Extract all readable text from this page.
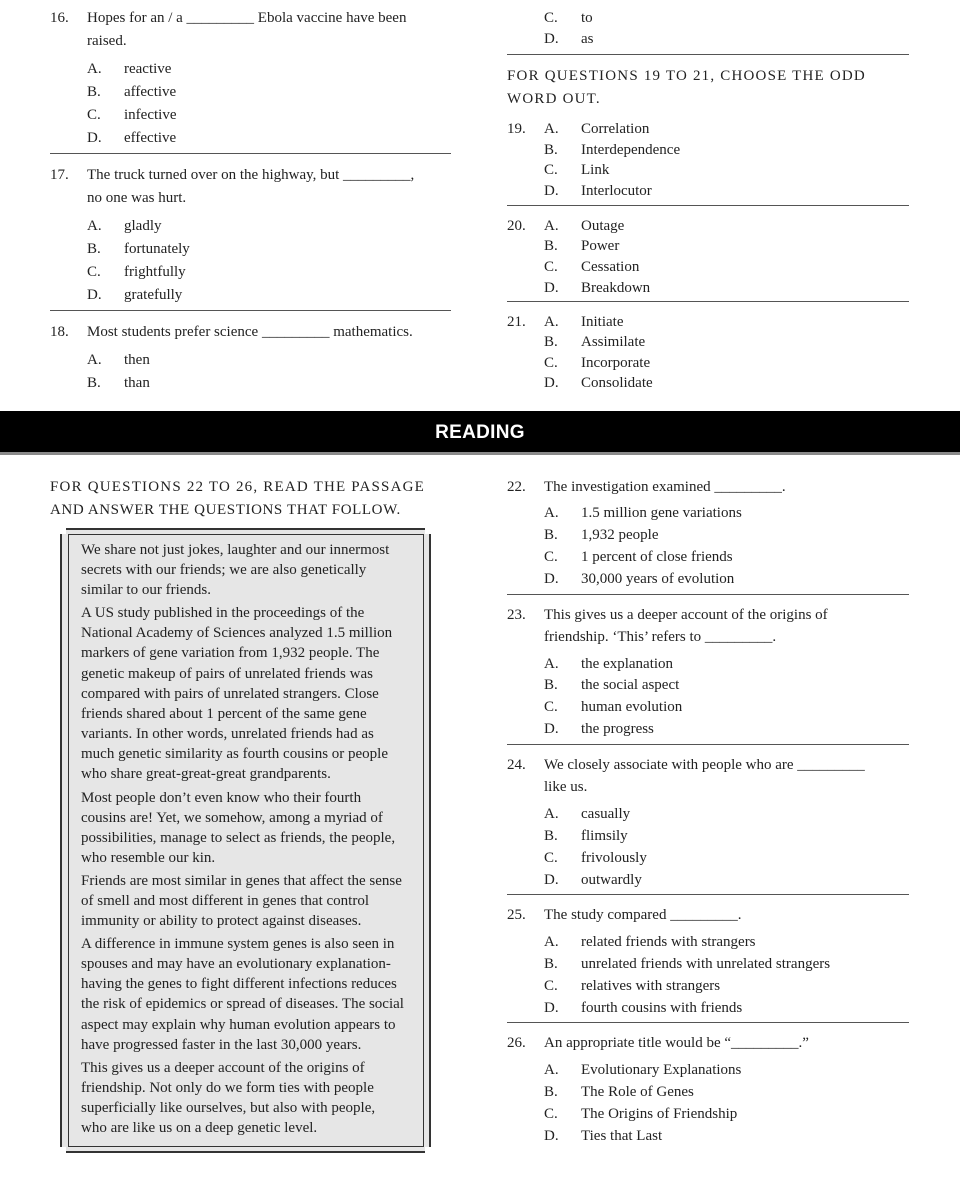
16. Hopes for an / a _________ Ebola vaccine have been
raised.
A. reactive
B. affective
C. infective
D. effective
17. The truck turned over on the highway, but _________,
no one was hurt.
A. gladly
B. fortunately
C. frightfully
D. gratefully
18. Most students prefer science _________ mathematics.
A. then
B. than
C. to
D. as
FOR QUESTIONS 19 TO 21, CHOOSE THE ODD
WORD OUT.
19. A. Correlation
B. Interdependence
C. Link
D. Interlocutor
20. A. Outage
B. Power
C. Cessation
D. Breakdown
21. A. Initiate
B. Assimilate
C. Incorporate
D. Consolidate
READING
FOR QUESTIONS 22 TO 26, READ THE PASSAGE
AND ANSWER THE QUESTIONS THAT FOLLOW.
We share not just jokes, laughter and our innermost
secrets with our friends; we are also genetically
similar to our friends.
A US study published in the proceedings of the
National Academy of Sciences analyzed 1.5 million
markers of gene variation from 1,932 people. The
genetic makeup of pairs of unrelated friends was
compared with pairs of unrelated strangers. Close
friends shared about 1 percent of the same gene
variants. In other words, unrelated friends had as
much genetic similarity as fourth cousins or people
who share great-great-great grandparents.
Most people don’t even know who their fourth
cousins are! Yet, we somehow, among a myriad of
possibilities, manage to select as friends, the people,
who resemble our kin.
Friends are most similar in genes that affect the sense
of smell and most different in genes that control
immunity or ability to protect against diseases.
A difference in immune system genes is also seen in
spouses and may have an evolutionary explanation-
having the genes to fight different infections reduces
the risk of epidemics or spread of diseases. The social
aspect may explain why human evolution appears to
have progressed faster in the last 30,000 years.
This gives us a deeper account of the origins of
friendship. Not only do we form ties with people
superficially like ourselves, but also with people,
who are like us on a deep genetic level.
22. The investigation examined _________.
A. 1.5 million gene variations
B. 1,932 people
C. 1 percent of close friends
D. 30,000 years of evolution
23. This gives us a deeper account of the origins of
friendship. ‘This’ refers to _________.
A. the explanation
B. the social aspect
C. human evolution
D. the progress
24. We closely associate with people who are _________
like us.
A. casually
B. flimsily
C. frivolously
D. outwardly
25. The study compared _________.
A. related friends with strangers
B. unrelated friends with unrelated strangers
C. relatives with strangers
D. fourth cousins with friends
26. An appropriate title would be “_________.”
A. Evolutionary Explanations
B. The Role of Genes
C. The Origins of Friendship
D. Ties that Last
